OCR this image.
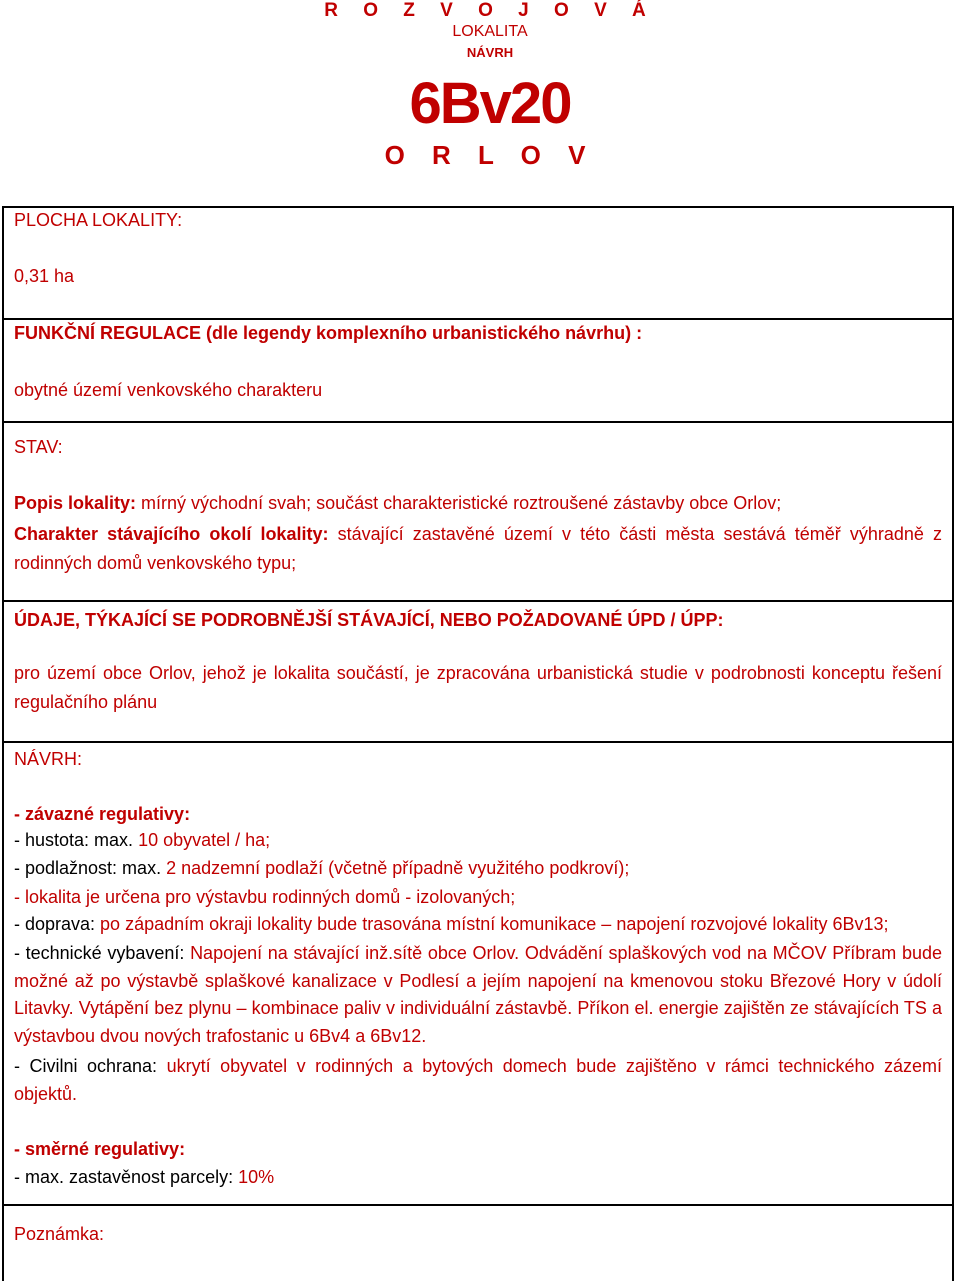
R O Z V O J O V Á
LOKALITA
NÁVRH
6Bv20
O R L O V
PLOCHA LOKALITY:
0,31 ha
FUNKČNÍ REGULACE (dle legendy komplexního urbanistického návrhu) :
obytné území venkovského charakteru
STAV:
Popis lokality: mírný východní svah; součást charakteristické roztroušené zástavby obce Orlov;
Charakter stávajícího okolí lokality: stávající zastavěné území v této části města sestává téměř výhradně z rodinných domů venkovského typu;
ÚDAJE, TÝKAJÍCÍ SE PODROBNĚJŠÍ STÁVAJÍCÍ, NEBO POŽADOVANÉ ÚPD / ÚPP:
pro území obce Orlov, jehož je lokalita součástí, je zpracována urbanistická studie v podrobnosti konceptu řešení regulačního plánu
NÁVRH:
- závazné regulativy:
- hustota: max. 10 obyvatel / ha;
- podlažnost: max. 2 nadzemní podlaží (včetně případně využitého podkroví);
- lokalita je určena pro výstavbu rodinných domů - izolovaných;
- doprava: po západním okraji lokality bude trasována místní komunikace – napojení rozvojové lokality 6Bv13;
- technické vybavení: Napojení na stávající inž.sítě obce Orlov. Odvádění splaškových vod na MČOV Příbram bude možné až po výstavbě splaškové kanalizace v Podlesí a jejím napojení na kmenovou stoku Březové Hory v údolí Litavky. Vytápění bez plynu – kombinace paliv v individuální zástavbě. Příkon el. energie zajištěn ze stávajících TS a výstavbou dvou nových trafostanic u 6Bv4 a 6Bv12.
- Civilni ochrana: ukrytí obyvatel v rodinných a bytových domech bude zajištěno v rámci technického zázemí objektů.
- směrné regulativy:
- max. zastavěnost parcely: 10%
Poznámka:
